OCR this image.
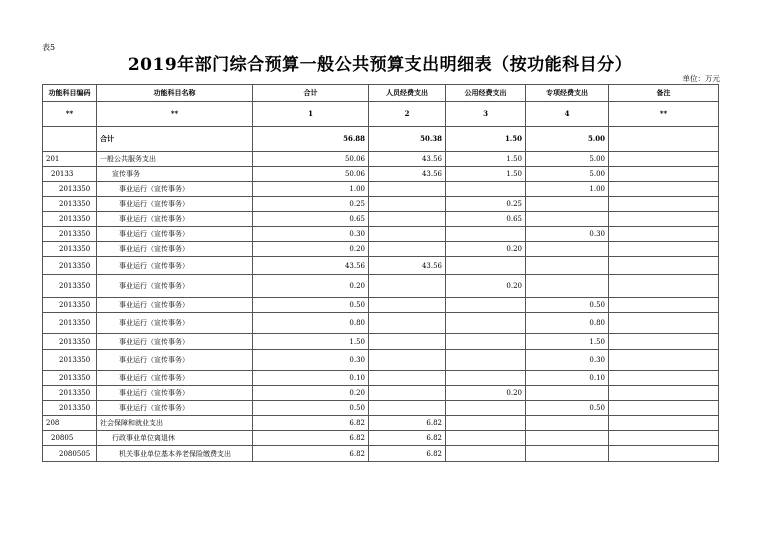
表5
2019年部门综合预算一般公共预算支出明细表（按功能科目分）
单位：万元
功能科目编码	功能科目名称	合计	人员经费支出	公用经费支出	专项经费支出	备注
**	**	1	2	3	4	**
	合计	56.88	50.38	1.50	5.00	
201	一般公共服务支出	50.06	43.56	1.50	5.00	
20133	宣传事务	50.06	43.56	1.50	5.00	
2013350	事业运行（宣传事务）	1.00			1.00	
2013350	事业运行（宣传事务）	0.25		0.25		
2013350	事业运行（宣传事务）	0.65		0.65		
2013350	事业运行（宣传事务）	0.30			0.30	
2013350	事业运行（宣传事务）	0.20		0.20		
2013350	事业运行（宣传事务）	43.56	43.56			
2013350	事业运行（宣传事务）	0.20		0.20		
2013350	事业运行（宣传事务）	0.50			0.50	
2013350	事业运行（宣传事务）	0.80			0.80	
2013350	事业运行（宣传事务）	1.50			1.50	
2013350	事业运行（宣传事务）	0.30			0.30	
2013350	事业运行（宣传事务）	0.10			0.10	
2013350	事业运行（宣传事务）	0.20		0.20		
2013350	事业运行（宣传事务）	0.50			0.50	
208	社会保障和就业支出	6.82	6.82			
20805	行政事业单位离退休	6.82	6.82			
2080505	机关事业单位基本养老保险缴费支出	6.82	6.82			
